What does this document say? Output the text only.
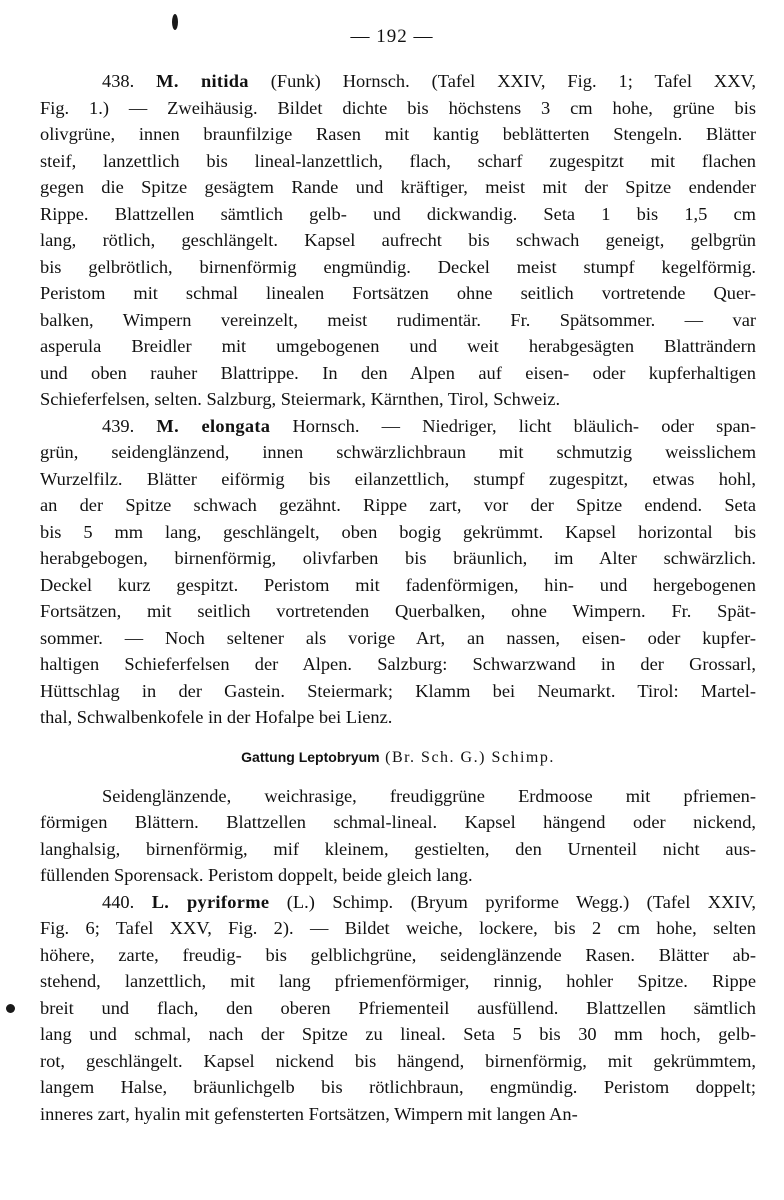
— 192 —
438. M. nitida (Funk) Hornsch. (Tafel XXIV, Fig. 1; Tafel XXV,
Fig. 1.) — Zweihäusig. Bildet dichte bis höchstens 3 cm hohe, grüne bis
olivgrüne, innen braunfilzige Rasen mit kantig beblätterten Stengeln. Blätter
steif, lanzettlich bis lineal-lanzettlich, flach, scharf zugespitzt mit flachen
gegen die Spitze gesägtem Rande und kräftiger, meist mit der Spitze endender
Rippe. Blattzellen sämtlich gelb- und dickwandig. Seta 1 bis 1,5 cm
lang, rötlich, geschlängelt. Kapsel aufrecht bis schwach geneigt, gelbgrün
bis gelbrötlich, birnenförmig engmündig. Deckel meist stumpf kegelförmig.
Peristom mit schmal linealen Fortsätzen ohne seitlich vortretende Quer-
balken, Wimpern vereinzelt, meist rudimentär. Fr. Spätsommer. — var
asperula Breidler mit umgebogenen und weit herabgesägten Blatträndern
und oben rauher Blattrippe. In den Alpen auf eisen- oder kupferhaltigen
Schieferfelsen, selten. Salzburg, Steiermark, Kärnthen, Tirol, Schweiz.
439. M. elongata Hornsch. — Niedriger, licht bläulich- oder span-
grün, seidenglänzend, innen schwärzlichbraun mit schmutzig weisslichem
Wurzelfilz. Blätter eiförmig bis eilanzettlich, stumpf zugespitzt, etwas hohl,
an der Spitze schwach gezähnt. Rippe zart, vor der Spitze endend. Seta
bis 5 mm lang, geschlängelt, oben bogig gekrümmt. Kapsel horizontal bis
herabgebogen, birnenförmig, olivfarben bis bräunlich, im Alter schwärzlich.
Deckel kurz gespitzt. Peristom mit fadenförmigen, hin- und hergebogenen
Fortsätzen, mit seitlich vortretenden Querbalken, ohne Wimpern. Fr. Spät-
sommer. — Noch seltener als vorige Art, an nassen, eisen- oder kupfer-
haltigen Schieferfelsen der Alpen. Salzburg: Schwarzwand in der Grossarl,
Hüttschlag in der Gastein. Steiermark; Klamm bei Neumarkt. Tirol: Martel-
thal, Schwalbenkofele in der Hofalpe bei Lienz.
Gattung Leptobryum (Br. Sch. G.) Schimp.
Seidenglänzende, weichrasige, freudiggrüne Erdmoose mit pfriemen-
förmigen Blättern. Blattzellen schmal-lineal. Kapsel hängend oder nickend,
langhalsig, birnenförmig, mif kleinem, gestielten, den Urnenteil nicht aus-
füllenden Sporensack. Peristom doppelt, beide gleich lang.
440. L. pyriforme (L.) Schimp. (Bryum pyriforme Wegg.) (Tafel XXIV,
Fig. 6; Tafel XXV, Fig. 2). — Bildet weiche, lockere, bis 2 cm hohe, selten
höhere, zarte, freudig- bis gelblichgrüne, seidenglänzende Rasen. Blätter ab-
stehend, lanzettlich, mit lang pfriemenförmiger, rinnig, hohler Spitze. Rippe
breit und flach, den oberen Pfriementeil ausfüllend. Blattzellen sämtlich
lang und schmal, nach der Spitze zu lineal. Seta 5 bis 30 mm hoch, gelb-
rot, geschlängelt. Kapsel nickend bis hängend, birnenförmig, mit gekrümmtem,
langem Halse, bräunlichgelb bis rötlichbraun, engmündig. Peristom doppelt;
inneres zart, hyalin mit gefensterten Fortsätzen, Wimpern mit langen An-
